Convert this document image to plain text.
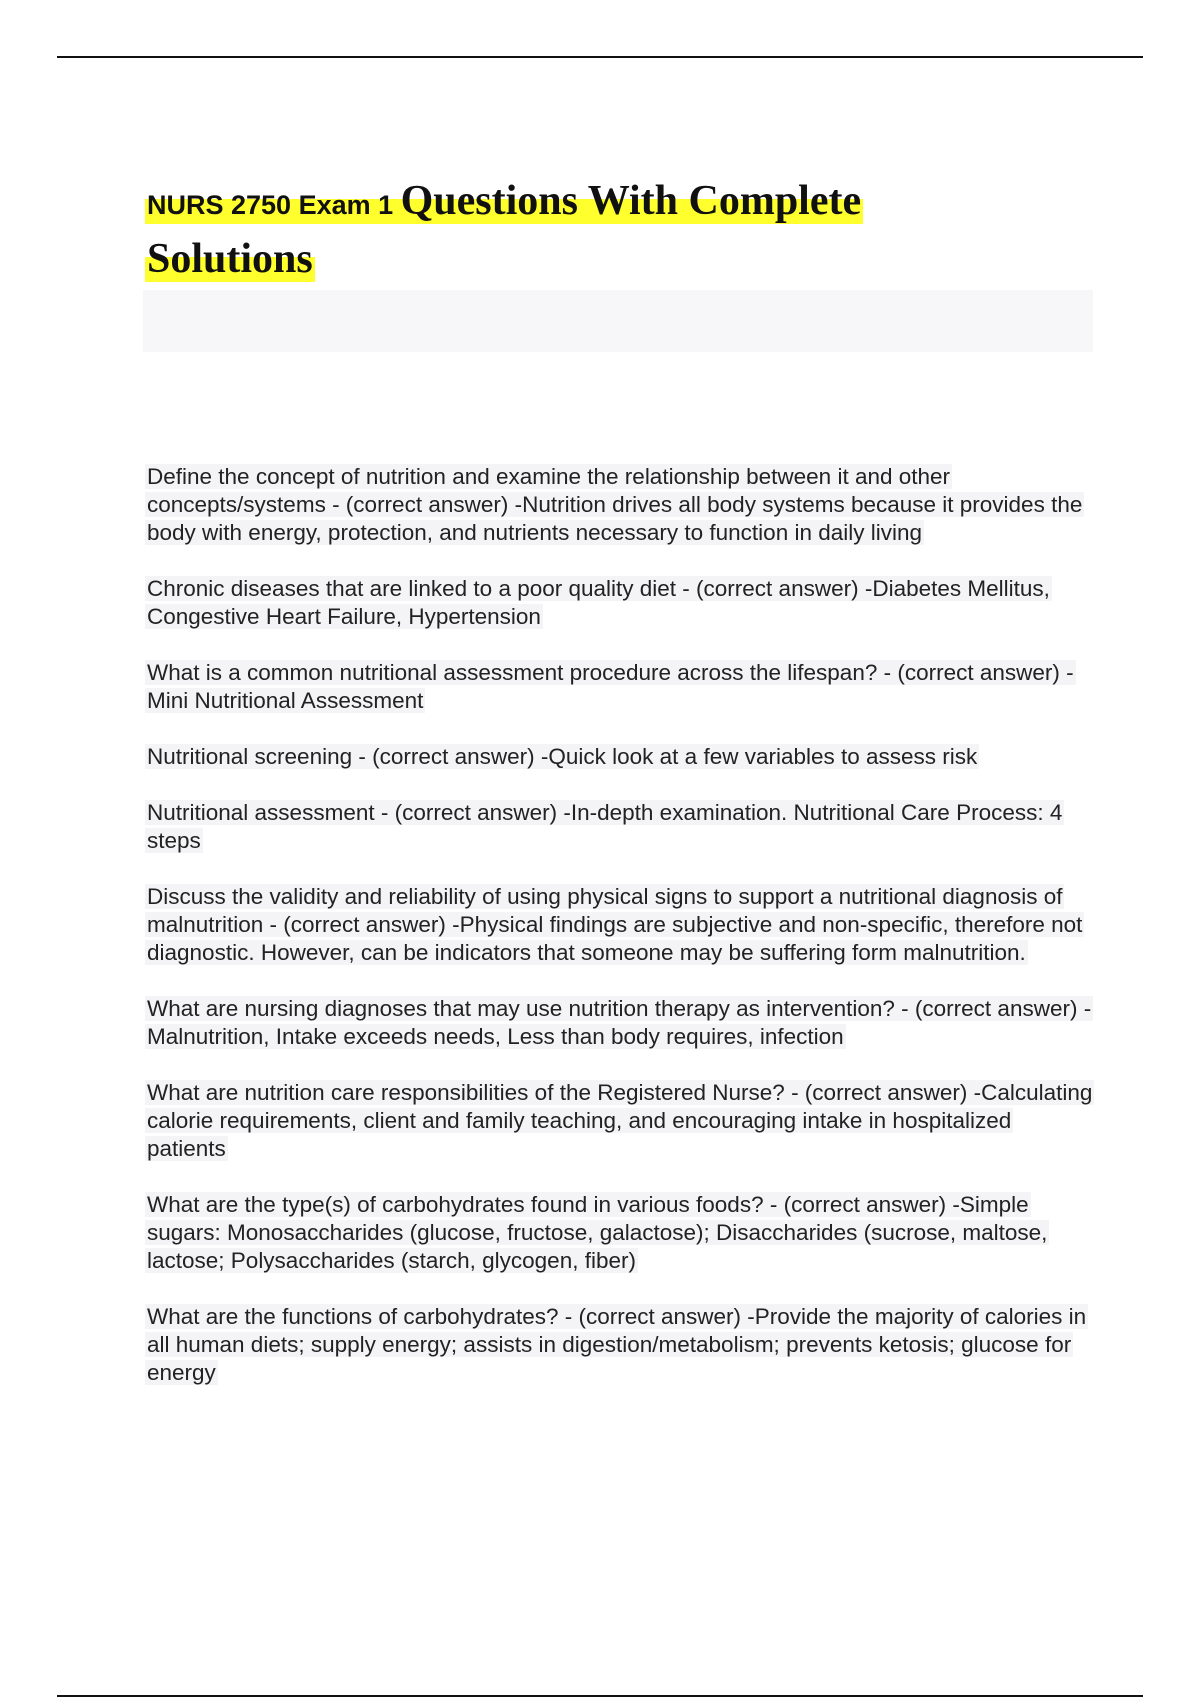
NURS 2750 Exam 1 Questions With Complete
Solutions

Define the concept of nutrition and examine the relationship between it and other concepts/systems - (correct answer) -Nutrition drives all body systems because it provides the body with energy, protection, and nutrients necessary to function in daily living

Chronic diseases that are linked to a poor quality diet - (correct answer) -Diabetes Mellitus, Congestive Heart Failure, Hypertension

What is a common nutritional assessment procedure across the lifespan? - (correct answer) -Mini Nutritional Assessment

Nutritional screening - (correct answer) -Quick look at a few variables to assess risk

Nutritional assessment - (correct answer) -In-depth examination. Nutritional Care Process: 4 steps

Discuss the validity and reliability of using physical signs to support a nutritional diagnosis of malnutrition - (correct answer) -Physical findings are subjective and non-specific, therefore not diagnostic. However, can be indicators that someone may be suffering form malnutrition.

What are nursing diagnoses that may use nutrition therapy as intervention? - (correct answer) -Malnutrition, Intake exceeds needs, Less than body requires, infection

What are nutrition care responsibilities of the Registered Nurse? - (correct answer) -Calculating calorie requirements, client and family teaching, and encouraging intake in hospitalized patients

What are the type(s) of carbohydrates found in various foods? - (correct answer) -Simple sugars: Monosaccharides (glucose, fructose, galactose); Disaccharides (sucrose, maltose, lactose; Polysaccharides (starch, glycogen, fiber)

What are the functions of carbohydrates? - (correct answer) -Provide the majority of calories in all human diets; supply energy; assists in digestion/metabolism; prevents ketosis; glucose for energy
